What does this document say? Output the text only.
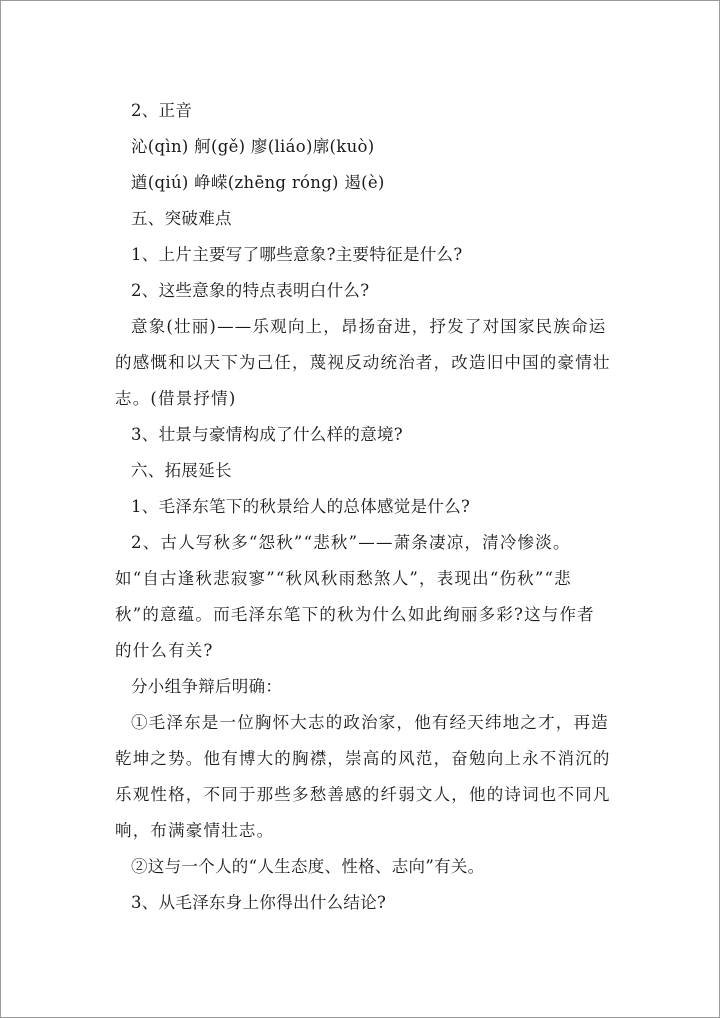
2、正音
沁(qìn) 舸(gě) 廖(liáo)廓(kuò)
遒(qiú) 峥嵘(zhēng róng) 遏(è)
五、突破难点
1、上片主要写了哪些意象?主要特征是什么?
2、这些意象的特点表明白什么?
意象(壮丽)——乐观向上，昂扬奋进，抒发了对国家民族命运的感慨和以天下为己任，蔑视反动统治者，改造旧中国的豪情壮志。(借景抒情)
3、壮景与豪情构成了什么样的意境?
六、拓展延长
1、毛泽东笔下的秋景给人的总体感觉是什么?
2、古人写秋多“怨秋”“悲秋”——萧条凄凉，清冷惨淡。如“自古逢秋悲寂寥”“秋风秋雨愁煞人”，表现出“伤秋”“悲秋”的意蕴。而毛泽东笔下的秋为什么如此绚丽多彩?这与作者的什么有关?
分小组争辩后明确：
①毛泽东是一位胸怀大志的政治家，他有经天纬地之才，再造乾坤之势。他有博大的胸襟，崇高的风范，奋勉向上永不消沉的乐观性格，不同于那些多愁善感的纤弱文人，他的诗词也不同凡响，布满豪情壮志。
②这与一个人的“人生态度、性格、志向”有关。
3、从毛泽东身上你得出什么结论?
